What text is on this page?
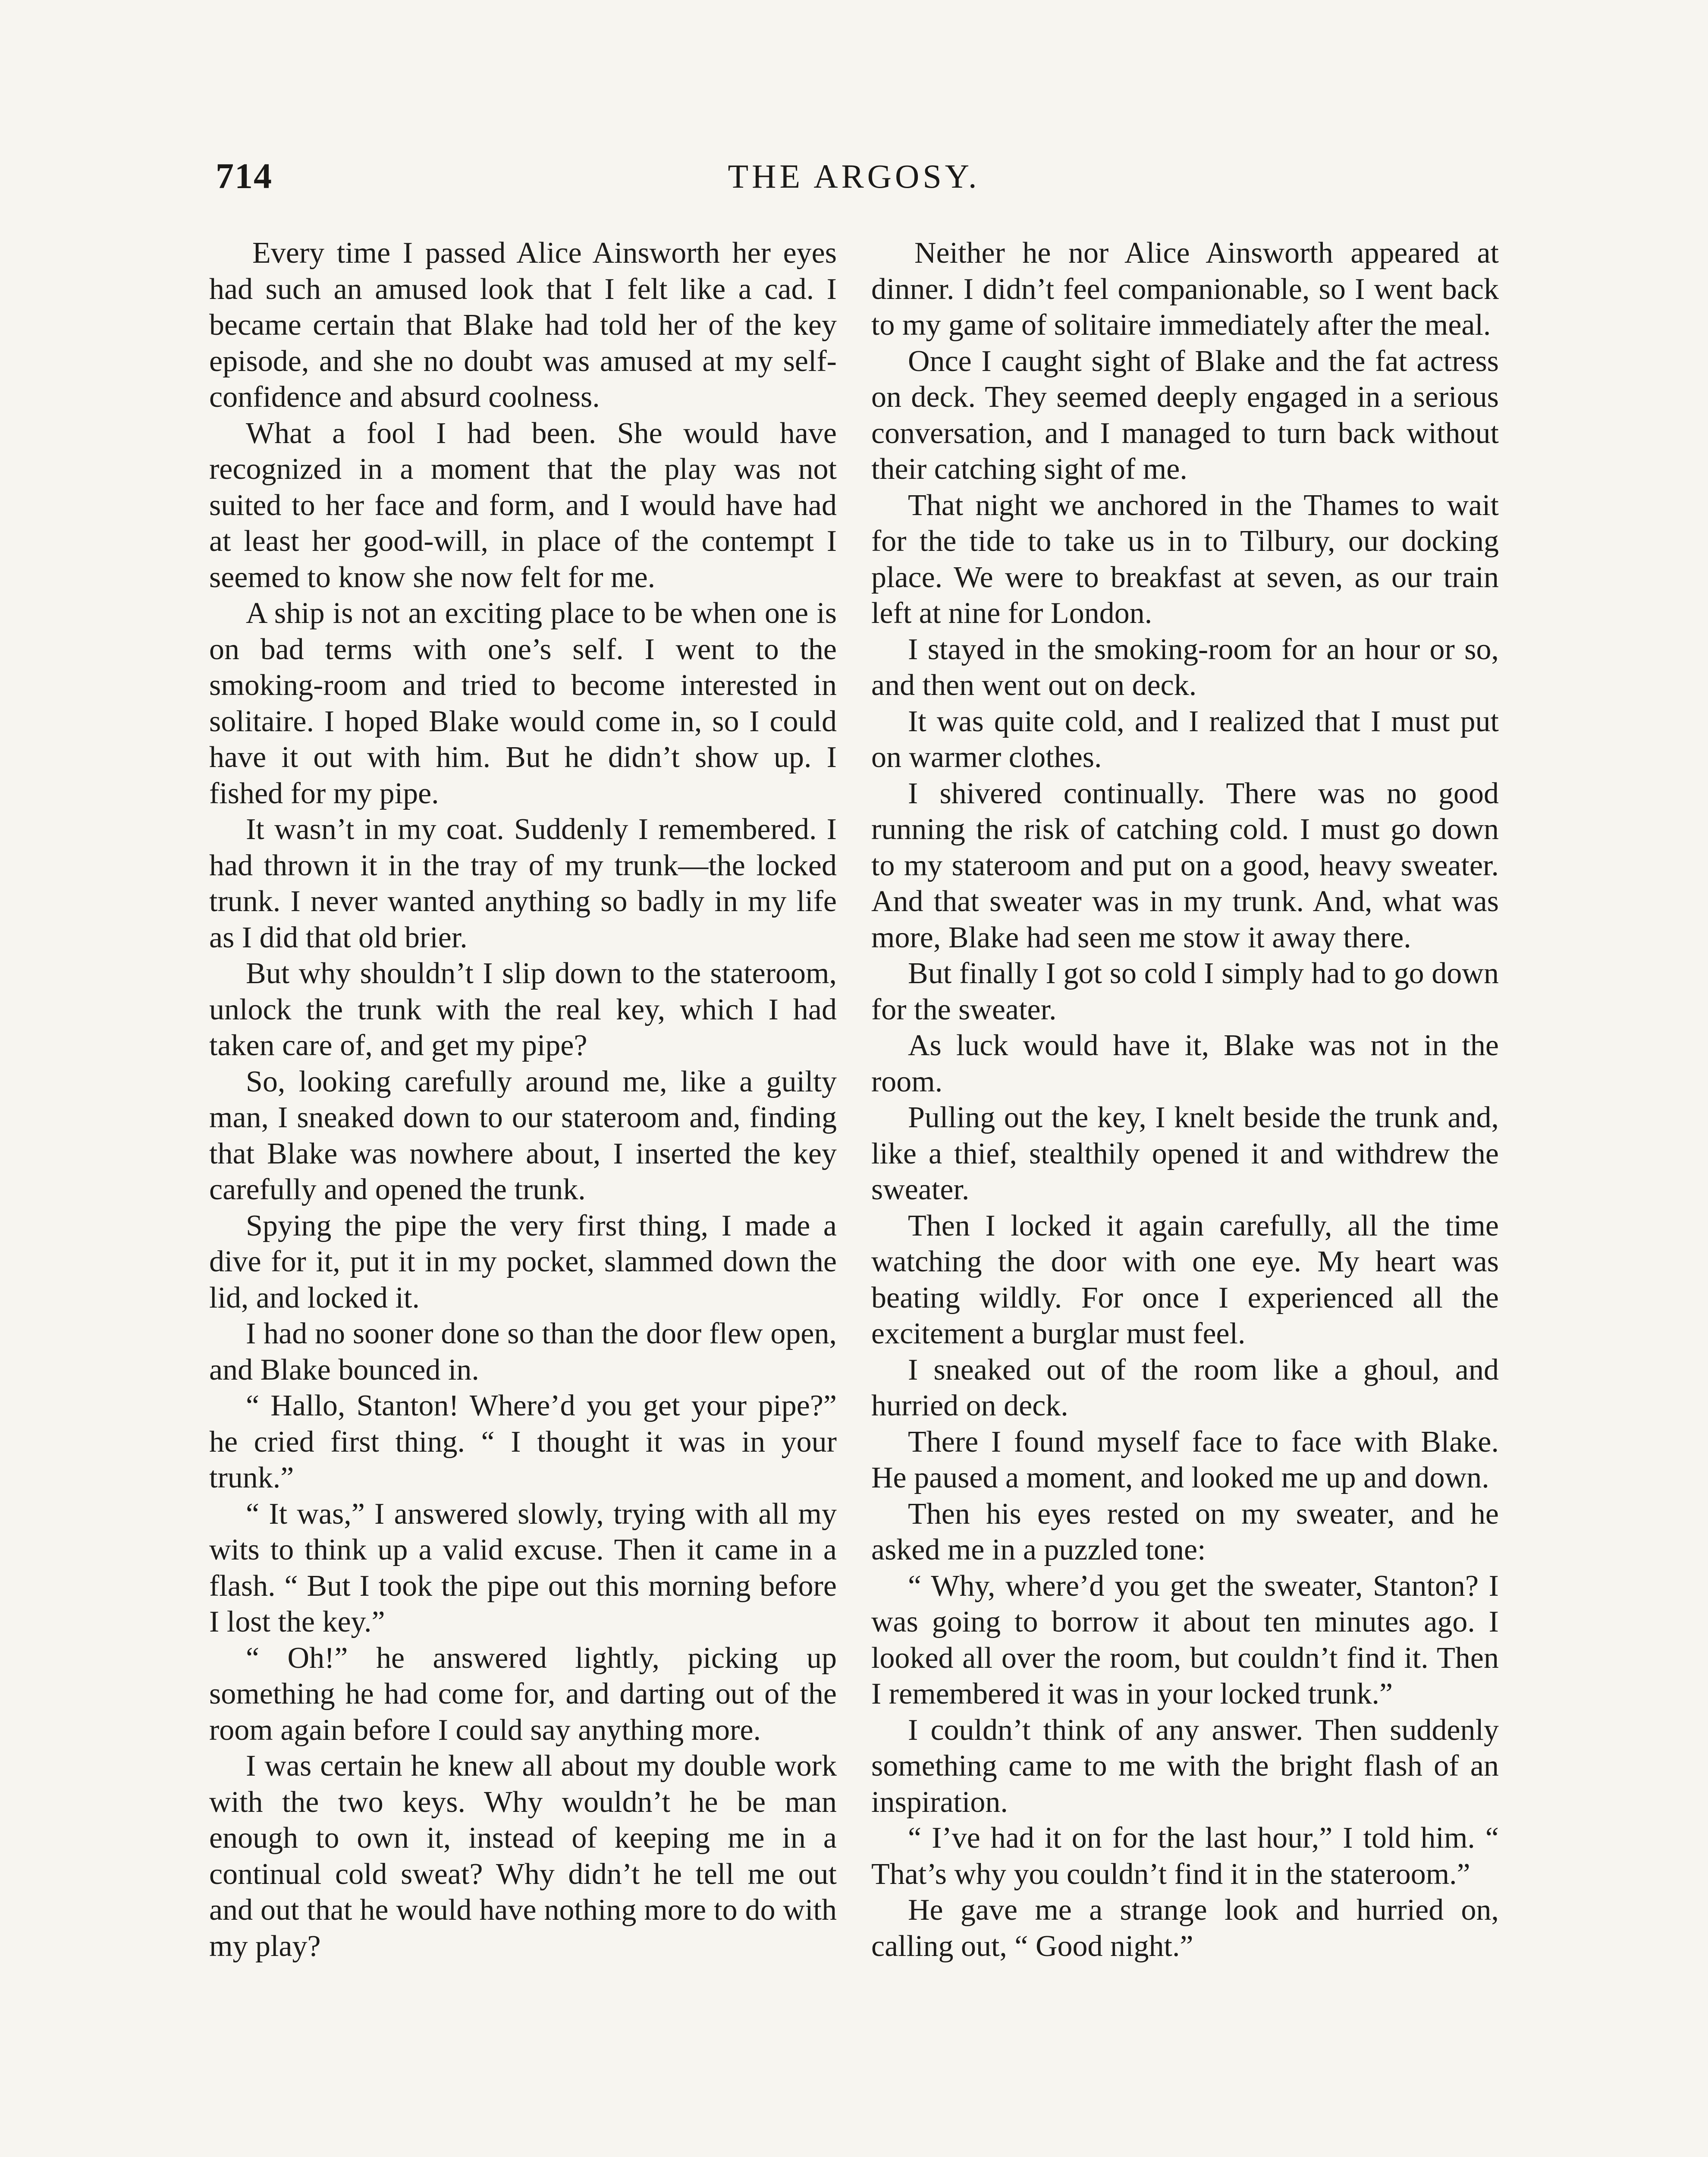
714	THE ARGOSY.

Every time I passed Alice Ainsworth her eyes had such an amused look that I felt like a cad. I became certain that Blake had told her of the key episode, and she no doubt was amused at my self-confidence and absurd coolness.

What a fool I had been. She would have recognized in a moment that the play was not suited to her face and form, and I would have had at least her good-will, in place of the contempt I seemed to know she now felt for me.

A ship is not an exciting place to be when one is on bad terms with one’s self. I went to the smoking-room and tried to become interested in solitaire. I hoped Blake would come in, so I could have it out with him. But he didn’t show up. I fished for my pipe.

It wasn’t in my coat. Suddenly I remembered. I had thrown it in the tray of my trunk—the locked trunk. I never wanted anything so badly in my life as I did that old brier.

But why shouldn’t I slip down to the stateroom, unlock the trunk with the real key, which I had taken care of, and get my pipe?

So, looking carefully around me, like a guilty man, I sneaked down to our stateroom and, finding that Blake was nowhere about, I inserted the key carefully and opened the trunk.

Spying the pipe the very first thing, I made a dive for it, put it in my pocket, slammed down the lid, and locked it.

I had no sooner done so than the door flew open, and Blake bounced in.

“ Hallo, Stanton! Where’d you get your pipe?” he cried first thing. “ I thought it was in your trunk.”

“ It was,” I answered slowly, trying with all my wits to think up a valid excuse. Then it came in a flash. “ But I took the pipe out this morning before I lost the key.”

“ Oh!” he answered lightly, picking up something he had come for, and darting out of the room again before I could say anything more.

I was certain he knew all about my double work with the two keys. Why wouldn’t he be man enough to own it, instead of keeping me in a continual cold sweat? Why didn’t he tell me out and out that he would have nothing more to do with my play?

Neither he nor Alice Ainsworth appeared at dinner. I didn’t feel companionable, so I went back to my game of solitaire immediately after the meal.

Once I caught sight of Blake and the fat actress on deck. They seemed deeply engaged in a serious conversation, and I managed to turn back without their catching sight of me.

That night we anchored in the Thames to wait for the tide to take us in to Tilbury, our docking place. We were to breakfast at seven, as our train left at nine for London.

I stayed in the smoking-room for an hour or so, and then went out on deck.

It was quite cold, and I realized that I must put on warmer clothes.

I shivered continually. There was no good running the risk of catching cold. I must go down to my stateroom and put on a good, heavy sweater. And that sweater was in my trunk. And, what was more, Blake had seen me stow it away there.

But finally I got so cold I simply had to go down for the sweater.

As luck would have it, Blake was not in the room.

Pulling out the key, I knelt beside the trunk and, like a thief, stealthily opened it and withdrew the sweater.

Then I locked it again carefully, all the time watching the door with one eye. My heart was beating wildly. For once I experienced all the excitement a burglar must feel.

I sneaked out of the room like a ghoul, and hurried on deck.

There I found myself face to face with Blake. He paused a moment, and looked me up and down.

Then his eyes rested on my sweater, and he asked me in a puzzled tone:

“ Why, where’d you get the sweater, Stanton? I was going to borrow it about ten minutes ago. I looked all over the room, but couldn’t find it. Then I remembered it was in your locked trunk.”

I couldn’t think of any answer. Then suddenly something came to me with the bright flash of an inspiration.

“ I’ve had it on for the last hour,” I told him. “ That’s why you couldn’t find it in the stateroom.”

He gave me a strange look and hurried on, calling out, “ Good night.”
